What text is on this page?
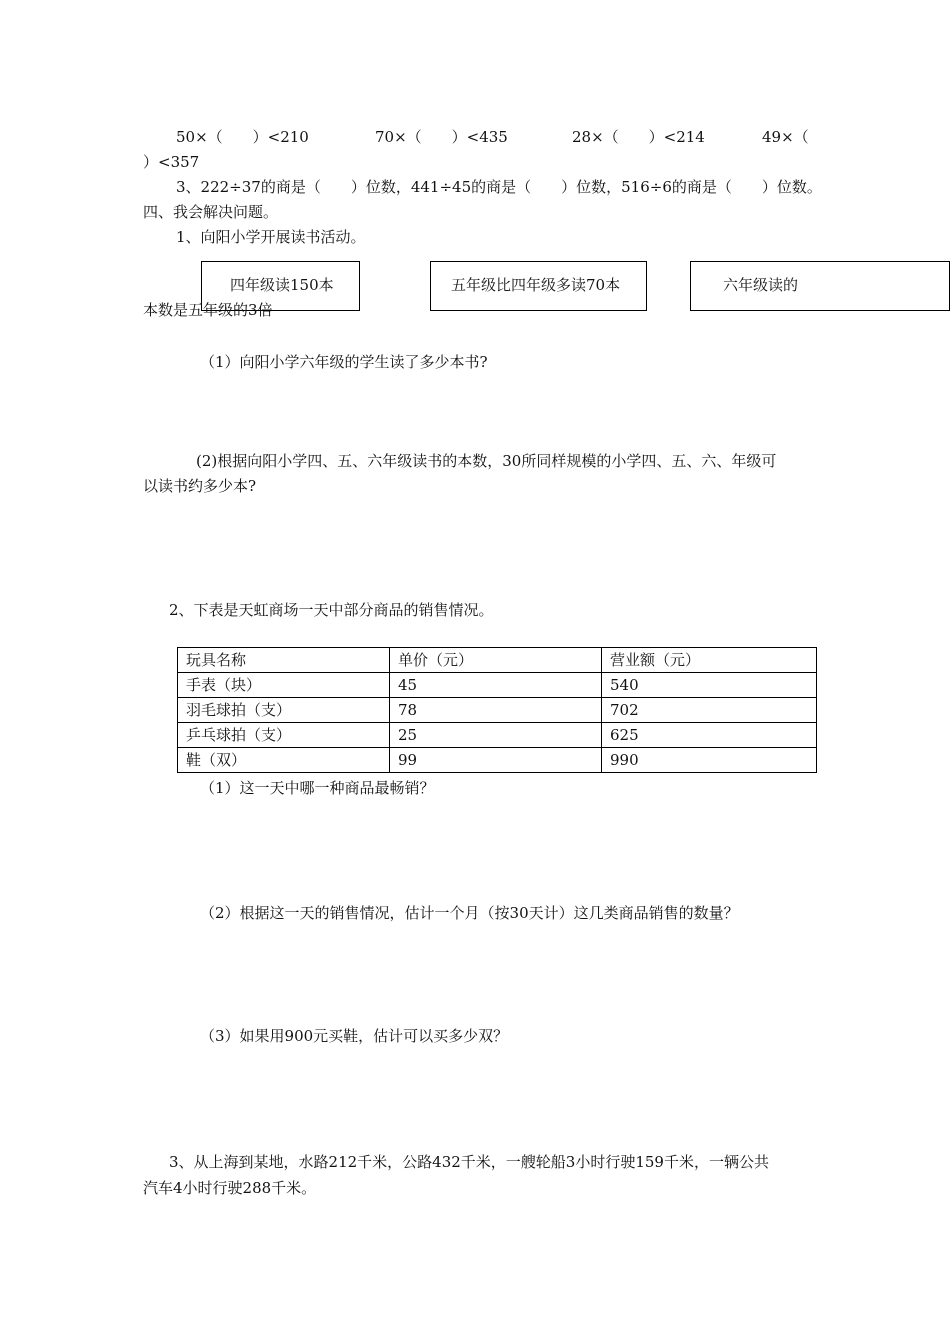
50×（　　）<210	70×（　　）<435	28×（　　）<214	49×（
）<357
3、222÷37的商是（　　）位数，441÷45的商是（　　）位数，516÷6的商是（　　）位数。
四、我会解决问题。
1、向阳小学开展读书活动。
四年级读150本	五年级比四年级多读70本	六年级读的
本数是五年级的3倍
（1）向阳小学六年级的学生读了多少本书?
(2)根据向阳小学四、五、六年级读书的本数，30所同样规模的小学四、五、六、年级可
以读书约多少本?
2、下表是天虹商场一天中部分商品的销售情况。
玩具名称	单价（元）	营业额（元）
手表（块）	45	540
羽毛球拍（支）	78	702
乒乓球拍（支）	25	625
鞋（双）	99	990
（1）这一天中哪一种商品最畅销？
（2）根据这一天的销售情况，估计一个月（按30天计）这几类商品销售的数量？
（3）如果用900元买鞋，估计可以买多少双？
3、从上海到某地，水路212千米，公路432千米，一艘轮船3小时行驶159千米，一辆公共
汽车4小时行驶288千米。
